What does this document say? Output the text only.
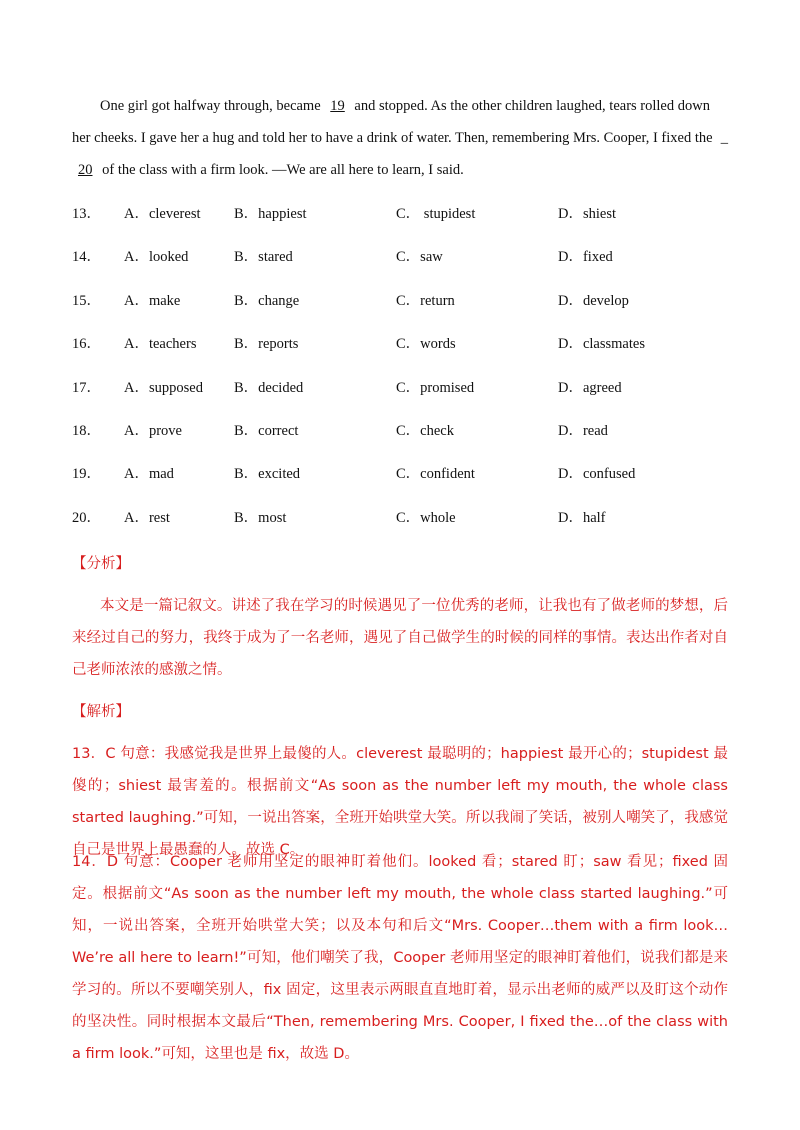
One girl got halfway through, became 19 and stopped. As the other children laughed, tears rolled down
her cheeks. I gave her a hug and told her to have a drink of water. Then, remembering Mrs. Cooper, I fixed the _
20 of the class with a firm look. —We are all here to learn, I said.
13．	A．cleverest	B．happiest	C． stupidest	D．shiest
14．	A．looked	B．stared	C．saw	D．fixed
15．	A．make	B．change	C．return	D．develop
16．	A．teachers	B．reports	C．words	D．classmates
17．	A．supposed	B．decided	C．promised	D．agreed
18．	A．prove	B．correct	C．check	D．read
19．	A．mad	B．excited	C．confident	D．confused
20．	A．rest	B．most	C．whole	D．half
【分析】

本文是一篇记叙文。讲述了我在学习的时候遇见了一位优秀的老师，让我也有了做老师的梦想，后来经过自己的努力，我终于成为了一名老师，遇见了自己做学生的时候的同样的事情。表达出作者对自己老师浓浓的感激之情。

【解析】

13．C 句意：我感觉我是世界上最傻的人。cleverest 最聪明的；happiest 最开心的；stupidest 最傻的；shiest 最害羞的。根据前文“As soon as the number left my mouth, the whole class started laughing.”可知，一说出答案，全班开始哄堂大笑。所以我闹了笑话，被别人嘲笑了，我感觉自己是世界上最愚蠢的人。故选 C。

14．D 句意：Cooper 老师用坚定的眼神盯着他们。looked 看；stared 盯；saw 看见；fixed 固定。根据前文“As soon as the number left my mouth, the whole class started laughing.”可知，一说出答案，全班开始哄堂大笑；以及本句和后文“Mrs. Cooper…them with a firm look… We’re all here to learn!”可知，他们嘲笑了我，Cooper 老师用坚定的眼神盯着他们，说我们都是来学习的。所以不要嘲笑别人，fix 固定，这里表示两眼直直地盯着，显示出老师的威严以及盯这个动作的坚决性。同时根据本文最后“Then, remembering Mrs. Cooper, I fixed the…of the class with a firm look.”可知，这里也是 fix，故选 D。
